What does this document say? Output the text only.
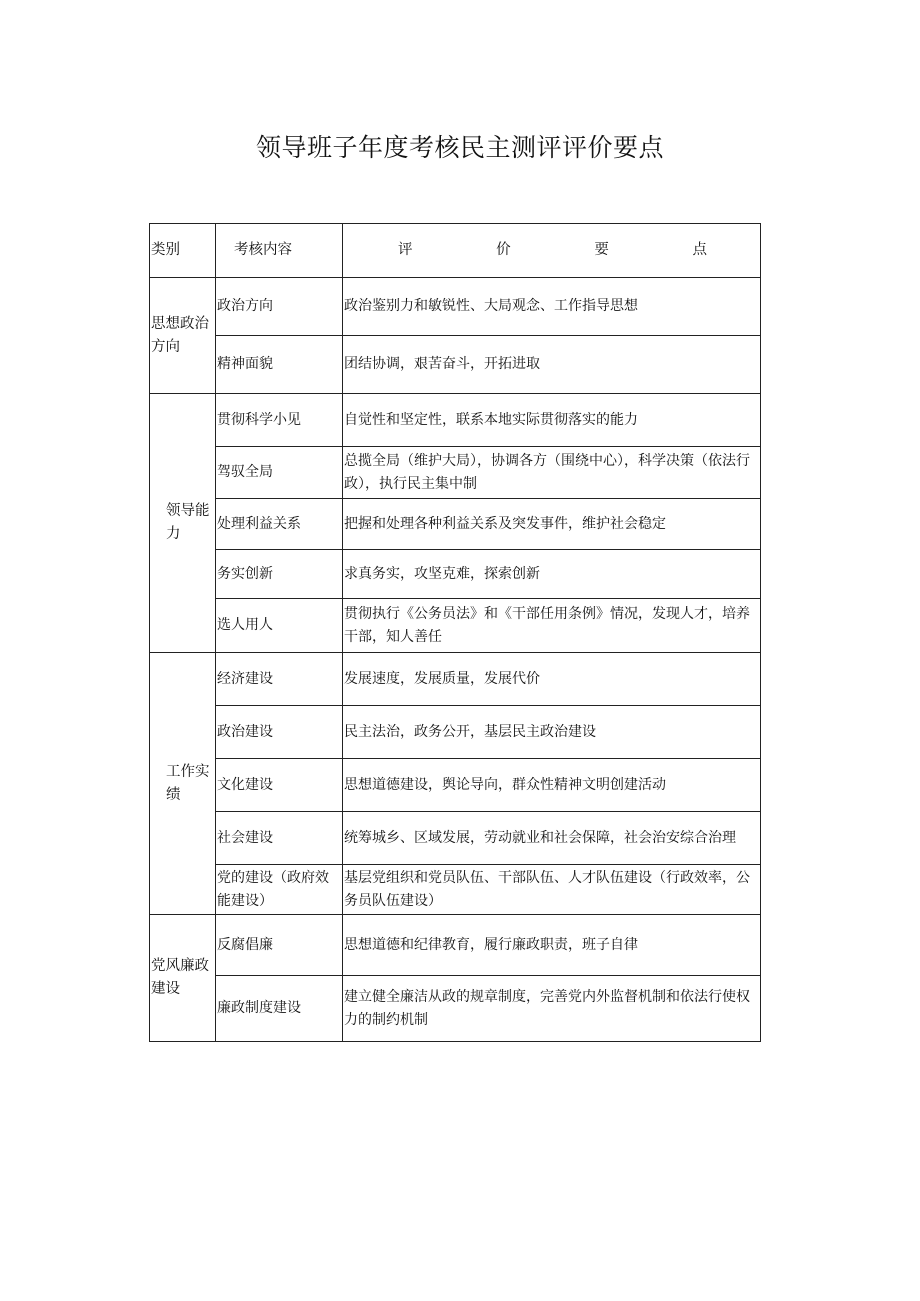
领导班子年度考核民主测评评价要点
类别	考核内容	评 价 要 点

思想政治方向	政治方向	政治鉴别力和敏锐性、大局观念、工作指导思想
	精神面貌	团结协调，艰苦奋斗，开拓进取
领导能力	贯彻科学小见	自觉性和坚定性，联系本地实际贯彻落实的能力
	驾驭全局	总揽全局（维护大局），协调各方（围绕中心），科学决策（依法行政），执行民主集中制
	处理利益关系	把握和处理各种利益关系及突发事件，维护社会稳定
	务实创新	求真务实，攻坚克难，探索创新
	选人用人	贯彻执行《公务员法》和《干部任用条例》情况，发现人才，培养干部，知人善任
工作实绩	经济建设	发展速度，发展质量，发展代价
	政治建设	民主法治，政务公开，基层民主政治建设
	文化建设	思想道德建设，舆论导向，群众性精神文明创建活动
	社会建设	统筹城乡、区域发展，劳动就业和社会保障，社会治安综合治理
	党的建设（政府效能建设）	基层党组织和党员队伍、干部队伍、人才队伍建设（行政效率，公务员队伍建设）
党风廉政建设	反腐倡廉	思想道德和纪律教育，履行廉政职责，班子自律
	廉政制度建设	建立健全廉洁从政的规章制度，完善党内外监督机制和依法行使权力的制约机制
